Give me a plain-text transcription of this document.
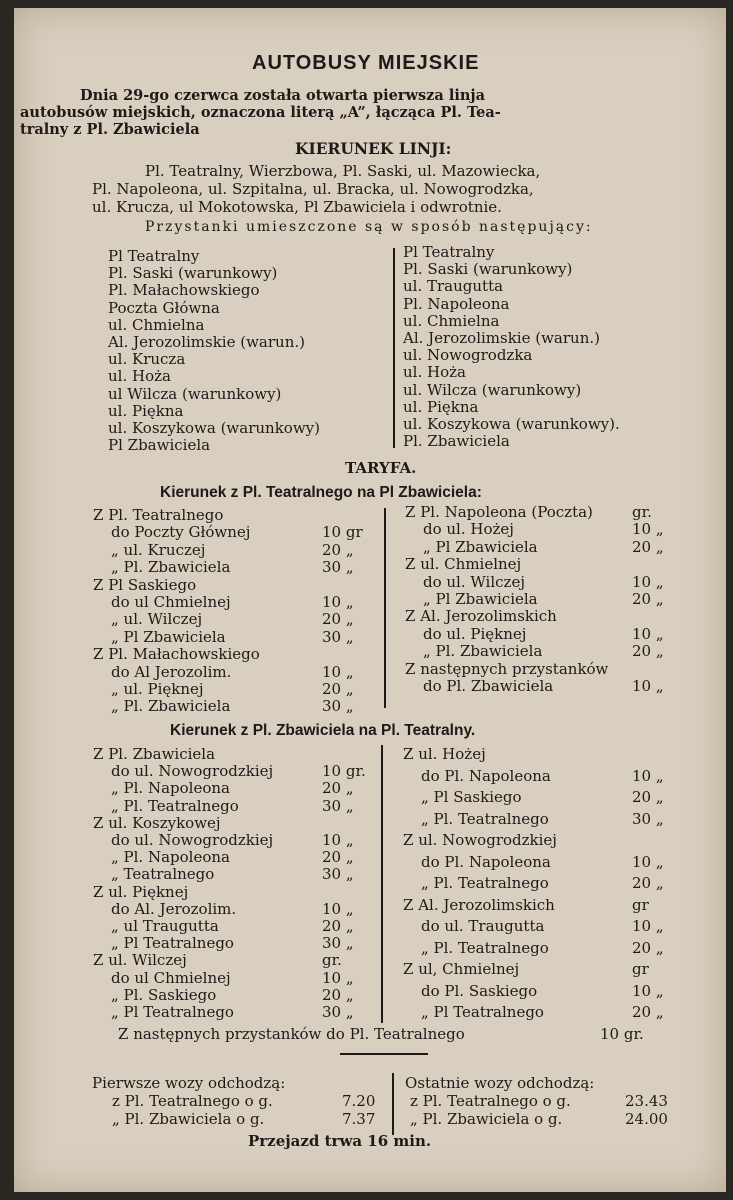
AUTOBUSY MIEJSKIE
Dnia 29-go czerwca została otwarta pierwsza linja
autobusów miejskich, oznaczona literą „A”, łącząca Pl. Tea-
tralny z Pl. Zbawiciela
KIERUNEK LINJI:
Pl. Teatralny, Wierzbowa, Pl. Saski, ul. Mazowiecka,
Pl. Napoleona, ul. Szpitalna, ul. Bracka, ul. Nowogrodzka,
ul. Krucza, ul Mokotowska, Pl Zbawiciela i odwrotnie.
Przystanki umieszczone są w sposób następujący:
Pl Teatralny
Pl. Saski (warunkowy)
Pl. Małachowskiego
Poczta Główna
ul. Chmielna
Al. Jerozolimskie (warun.)
ul. Krucza
ul. Hoża
ul Wilcza (warunkowy)
ul. Piękna
ul. Koszykowa (warunkowy)
Pl Zbawiciela
Pl Teatralny
Pl. Saski (warunkowy)
ul. Traugutta
Pl. Napoleona
ul. Chmielna
Al. Jerozolimskie (warun.)
ul. Nowogrodzka
ul. Hoża
ul. Wilcza (warunkowy)
ul. Piękna
ul. Koszykowa (warunkowy).
Pl. Zbawiciela
TARYFA.
Kierunek z Pl. Teatralnego na Pl Zbawiciela:
Z Pl. Teatralnego
do Poczty Głównej	10 gr
„ ul. Kruczej	20 „
„ Pl. Zbawiciela	30 „
Z Pl Saskiego
do ul Chmielnej	10 „
„ ul. Wilczej	20 „
„ Pl Zbawiciela	30 „
Z Pl. Małachowskiego
do Al Jerozolim.	10 „
„ ul. Pięknej	20 „
„ Pl. Zbawiciela	30 „
Z Pl. Napoleona (Poczta)	gr.
do ul. Hożej	10 „
„ Pl Zbawiciela	20 „
Z ul. Chmielnej
do ul. Wilczej	10 „
„ Pl Zbawiciela	20 „
Z Al. Jerozolimskich
do ul. Pięknej	10 „
„ Pl. Zbawiciela	20 „
Z następnych przystanków
do Pl. Zbawiciela	10 „
Kierunek z Pl. Zbawiciela na Pl. Teatralny.
Z Pl. Zbawiciela
do ul. Nowogrodzkiej	10 gr.
„ Pl. Napoleona	20 „
„ Pl. Teatralnego	30 „
Z ul. Koszykowej
do ul. Nowogrodzkiej	10 „
„ Pl. Napoleona	20 „
„ Teatralnego	30 „
Z ul. Pięknej
do Al. Jerozolim.	10 „
„ ul Traugutta	20 „
„ Pl Teatralnego	30 „
Z ul. Wilczej	gr.
do ul Chmielnej	10 „
„ Pl. Saskiego	20 „
„ Pl Teatralnego	30 „
Z ul. Hożej
do Pl. Napoleona	10 „
„ Pl Saskiego	20 „
„ Pl. Teatralnego	30 „
Z ul. Nowogrodzkiej
do Pl. Napoleona	10 „
„ Pl. Teatralnego	20 „
Z Al. Jerozolimskich	gr
do ul. Traugutta	10 „
„ Pl. Teatralnego	20 „
Z ul, Chmielnej	gr
do Pl. Saskiego	10 „
„ Pl Teatralnego	20 „
Z następnych przystanków do Pl. Teatralnego	10 gr.
Pierwsze wozy odchodzą:
z Pl. Teatralnego o g.	7.20
„ Pl. Zbawiciela o g.	7.37
Ostatnie wozy odchodzą:
z Pl. Teatralnego o g.	23.43
„ Pl. Zbawiciela o g.	24.00
Przejazd trwa 16 min.
